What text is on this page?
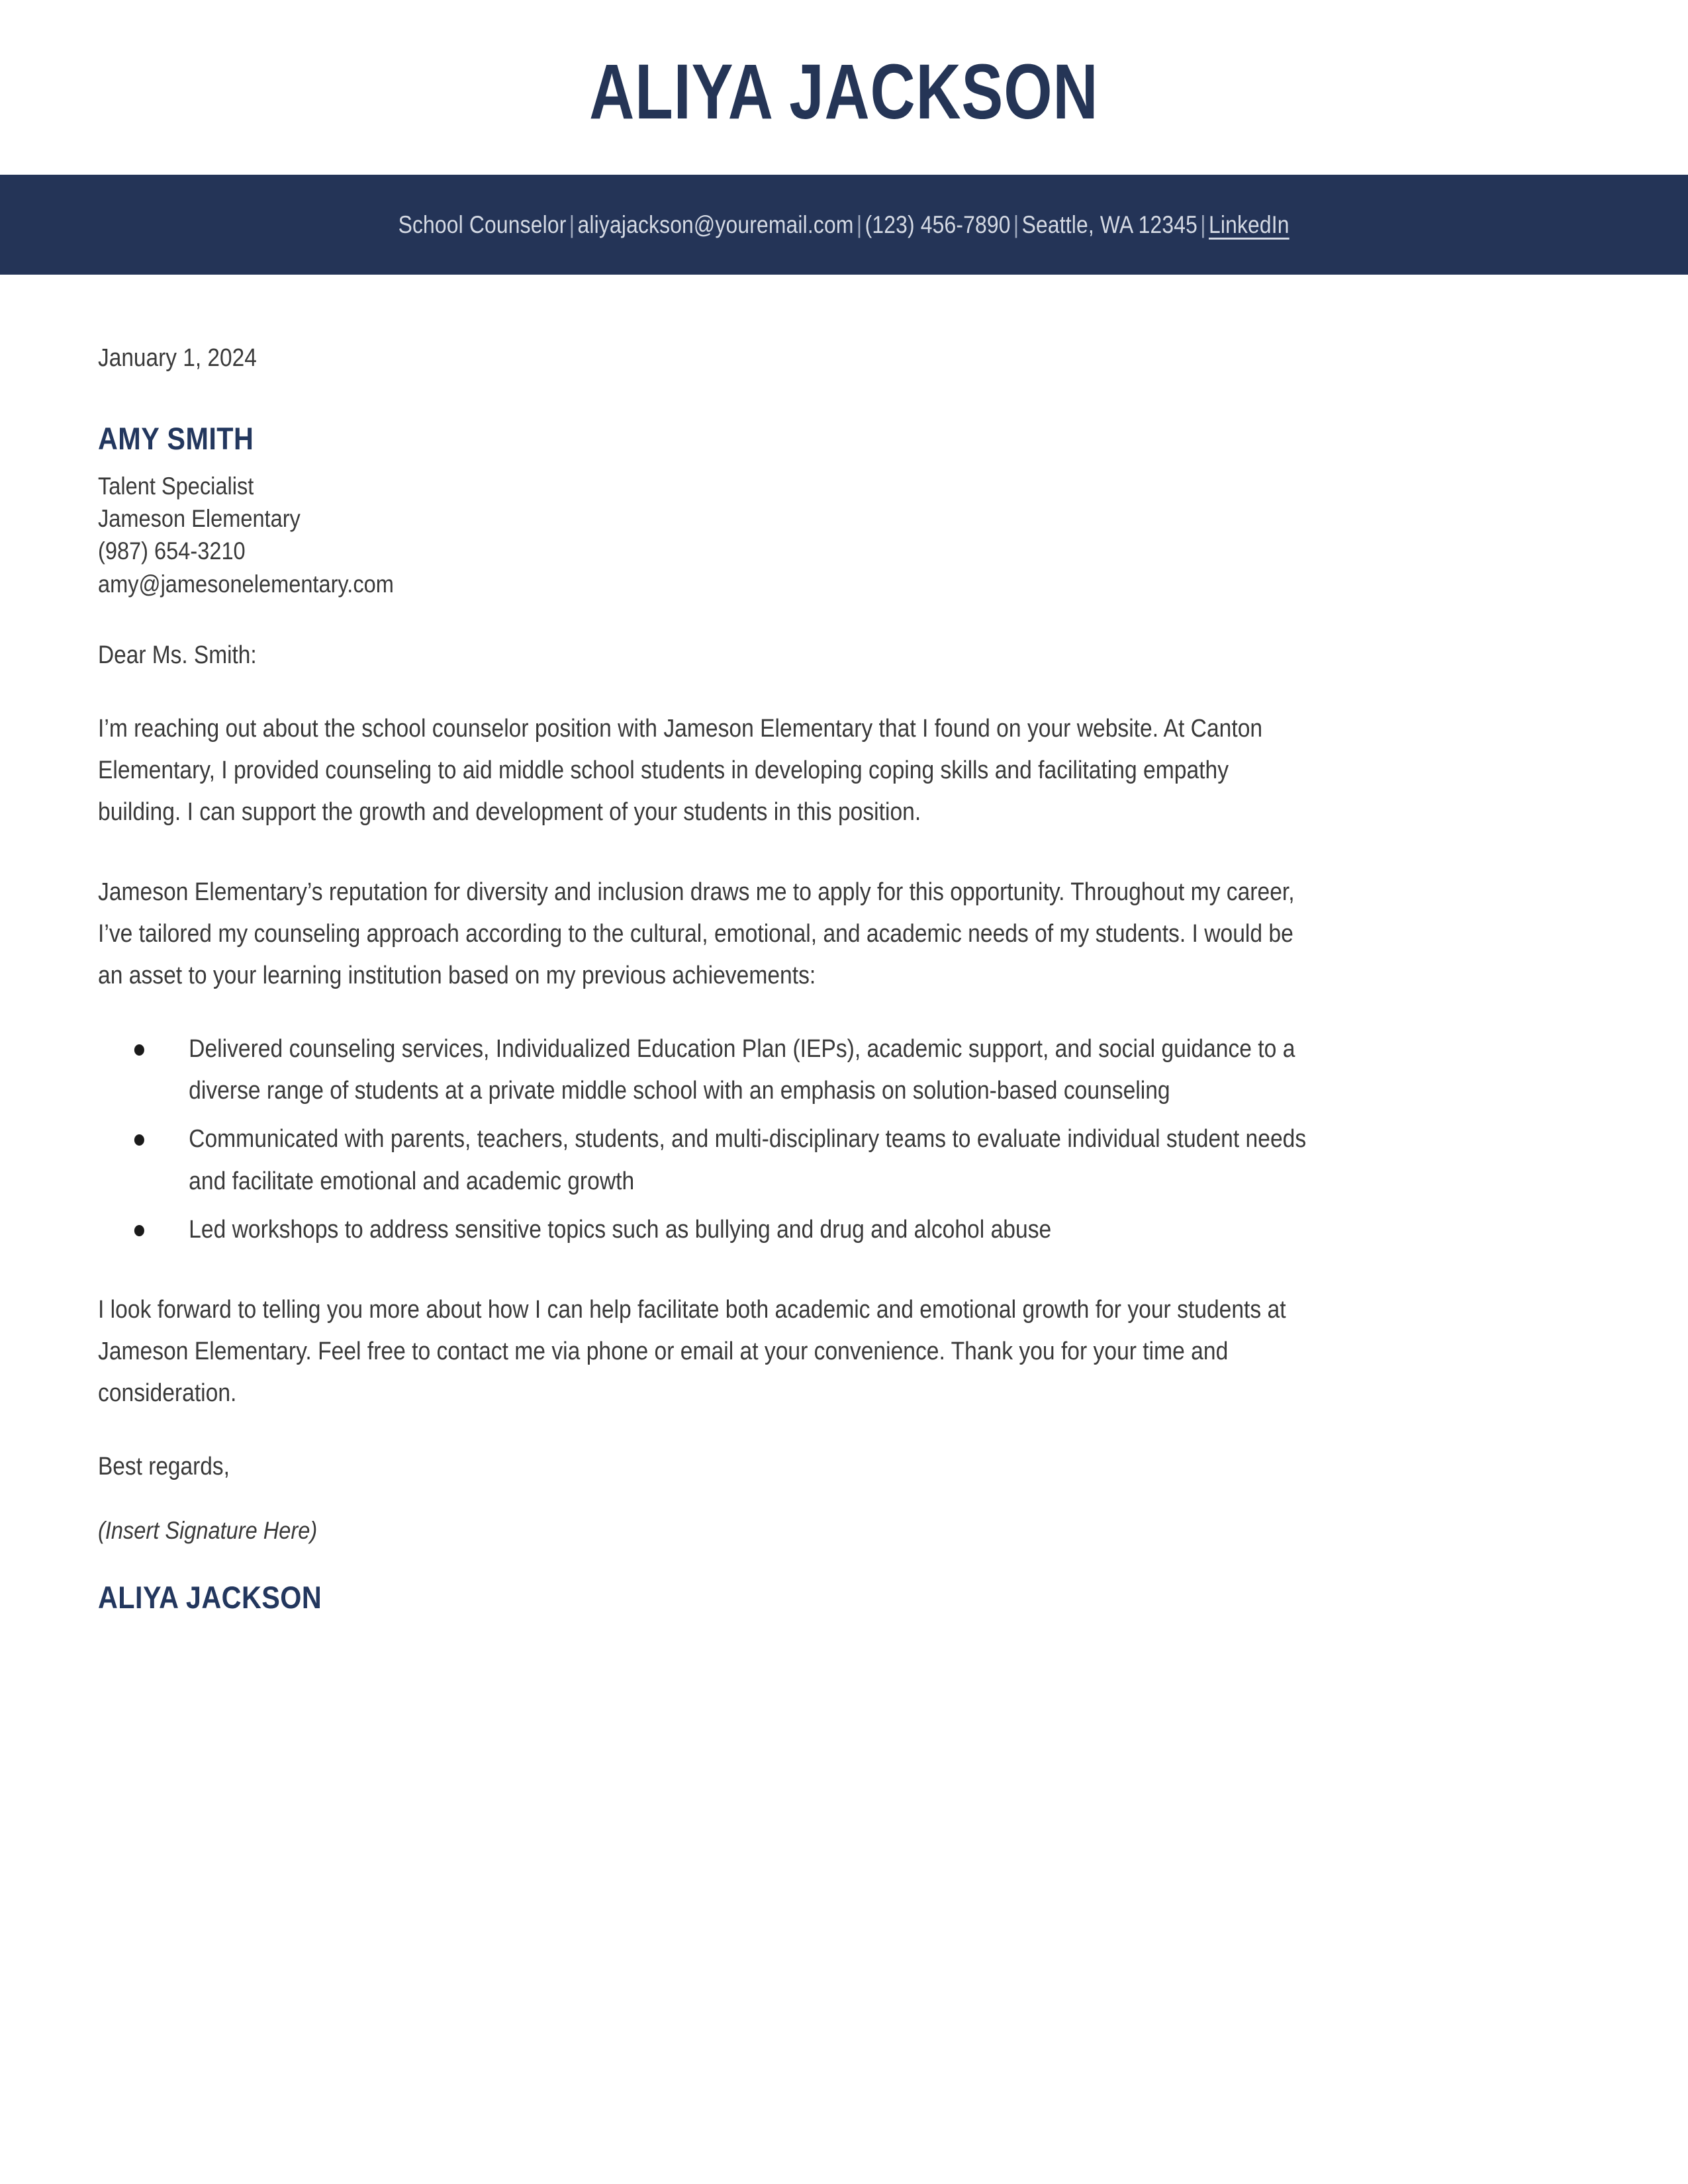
ALIYA JACKSON
School Counselor | aliyajackson@youremail.com | (123) 456-7890 | Seattle, WA 12345 | LinkedIn
January 1, 2024
AMY SMITH
Talent Specialist
Jameson Elementary
(987) 654-3210
amy@jamesonelementary.com
Dear Ms. Smith:

I’m reaching out about the school counselor position with Jameson Elementary that I found on your website. At Canton Elementary, I provided counseling to aid middle school students in developing coping skills and facilitating empathy building. I can support the growth and development of your students in this position.

Jameson Elementary’s reputation for diversity and inclusion draws me to apply for this opportunity. Throughout my career, I’ve tailored my counseling approach according to the cultural, emotional, and academic needs of my students. I would be an asset to your learning institution based on my previous achievements:

Delivered counseling services, Individualized Education Plan (IEPs), academic support, and social guidance to a diverse range of students at a private middle school with an emphasis on solution-based counseling
Communicated with parents, teachers, students, and multi-disciplinary teams to evaluate individual student needs and facilitate emotional and academic growth
Led workshops to address sensitive topics such as bullying and drug and alcohol abuse

I look forward to telling you more about how I can help facilitate both academic and emotional growth for your students at Jameson Elementary. Feel free to contact me via phone or email at your convenience. Thank you for your time and consideration.

Best regards,
(Insert Signature Here)
ALIYA JACKSON
